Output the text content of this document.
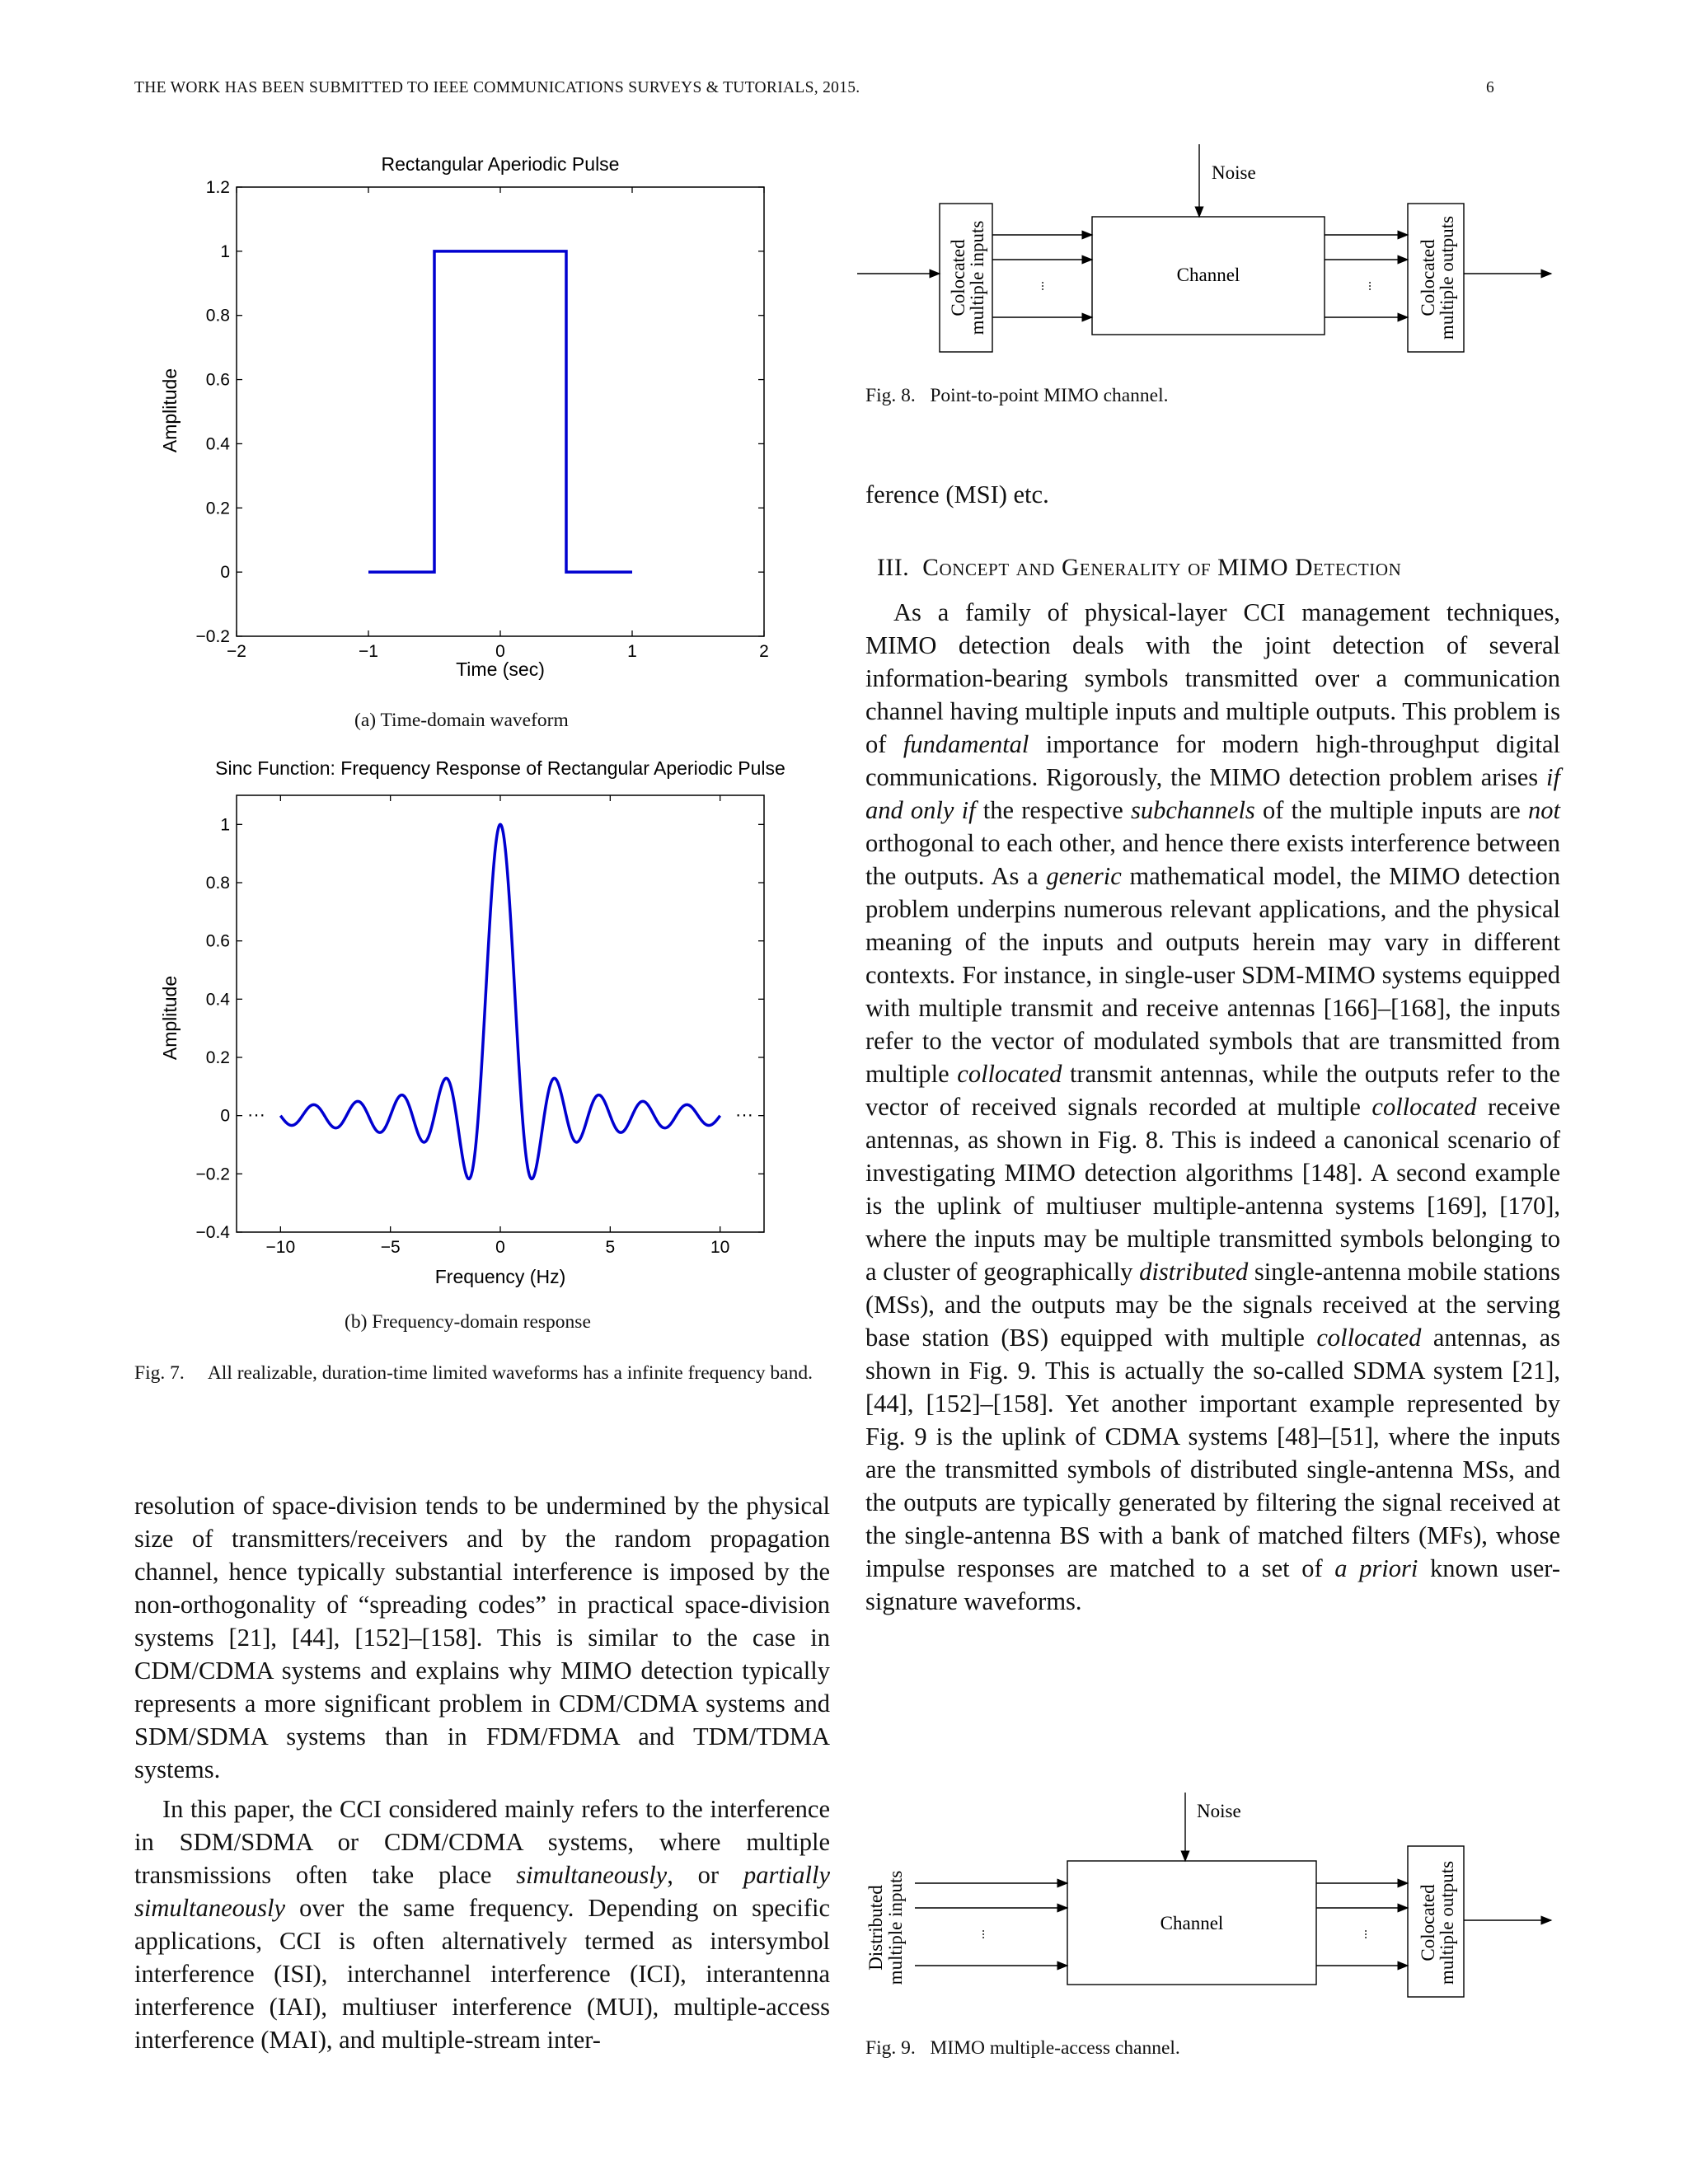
THE WORK HAS BEEN SUBMITTED TO IEEE COMMUNICATIONS SURVEYS & TUTORIALS, 2015.	6
Rectangular Aperiodic Pulse
−2	−1	0	1	2
−0.2
0
0.2
0.4
0.6
0.8
1
1.2
Time (sec)
Amplitude
(a) Time-domain waveform
Sinc Function: Frequency Response of Rectangular Aperiodic Pulse
−10	−5	0	5	10
−0.4
−0.2
0
0.2
0.4
0.6
0.8
1
···	···
Frequency (Hz)
Amplitude
(b) Frequency-domain response
Fig. 7. All realizable, duration-time limited waveforms has a infinite frequency band.

resolution of space-division tends to be undermined by the physical size of transmitters/receivers and by the random propagation channel, hence typically substantial interference is imposed by the non-orthogonality of “spreading codes” in practical space-division systems [21], [44], [152]–[158]. This is similar to the case in CDM/CDMA systems and explains why MIMO detection typically represents a more significant problem in CDM/CDMA systems and SDM/SDMA systems than in FDM/FDMA and TDM/TDMA systems.

In this paper, the CCI considered mainly refers to the interference in SDM/SDMA or CDM/CDMA systems, where multiple transmissions often take place simultaneously, or partially simultaneously over the same frequency. Depending on specific applications, CCI is often alternatively termed as intersymbol interference (ISI), interchannel interference (ICI), interantenna interference (IAI), multiuser interference (MUI), multiple-access interference (MAI), and multiple-stream inter-

Noise
Channel
...	...
Colocated
multiple inputs	Colocated
multiple outputs
Fig. 8. Point-to-point MIMO channel.

ference (MSI) etc.

III. Concept and Generality of MIMO Detection

As a family of physical-layer CCI management techniques, MIMO detection deals with the joint detection of several information-bearing symbols transmitted over a communication channel having multiple inputs and multiple outputs. This problem is of fundamental importance for modern high-throughput digital communications. Rigorously, the MIMO detection problem arises if and only if the respective subchannels of the multiple inputs are not orthogonal to each other, and hence there exists interference between the outputs. As a generic mathematical model, the MIMO detection problem underpins numerous relevant applications, and the physical meaning of the inputs and outputs herein may vary in different contexts. For instance, in single-user SDM-MIMO systems equipped with multiple transmit and receive antennas [166]–[168], the inputs refer to the vector of modulated symbols that are transmitted from multiple collocated transmit antennas, while the outputs refer to the vector of received signals recorded at multiple collocated receive antennas, as shown in Fig. 8. This is indeed a canonical scenario of investigating MIMO detection algorithms [148]. A second example is the uplink of multiuser multiple-antenna systems [169], [170], where the inputs may be multiple transmitted symbols belonging to a cluster of geographically distributed single-antenna mobile stations (MSs), and the outputs may be the signals received at the serving base station (BS) equipped with multiple collocated antennas, as shown in Fig. 9. This is actually the so-called SDMA system [21], [44], [152]–[158]. Yet another important example represented by Fig. 9 is the uplink of CDMA systems [48]–[51], where the inputs are the transmitted symbols of distributed single-antenna MSs, and the outputs are typically generated by filtering the signal received at the single-antenna BS with a bank of matched filters (MFs), whose impulse responses are matched to a set of a priori known user-signature waveforms.

Noise
Channel
...	...
Distributed multiple inputs	Colocated
multiple outputs
Fig. 9. MIMO multiple-access channel.
